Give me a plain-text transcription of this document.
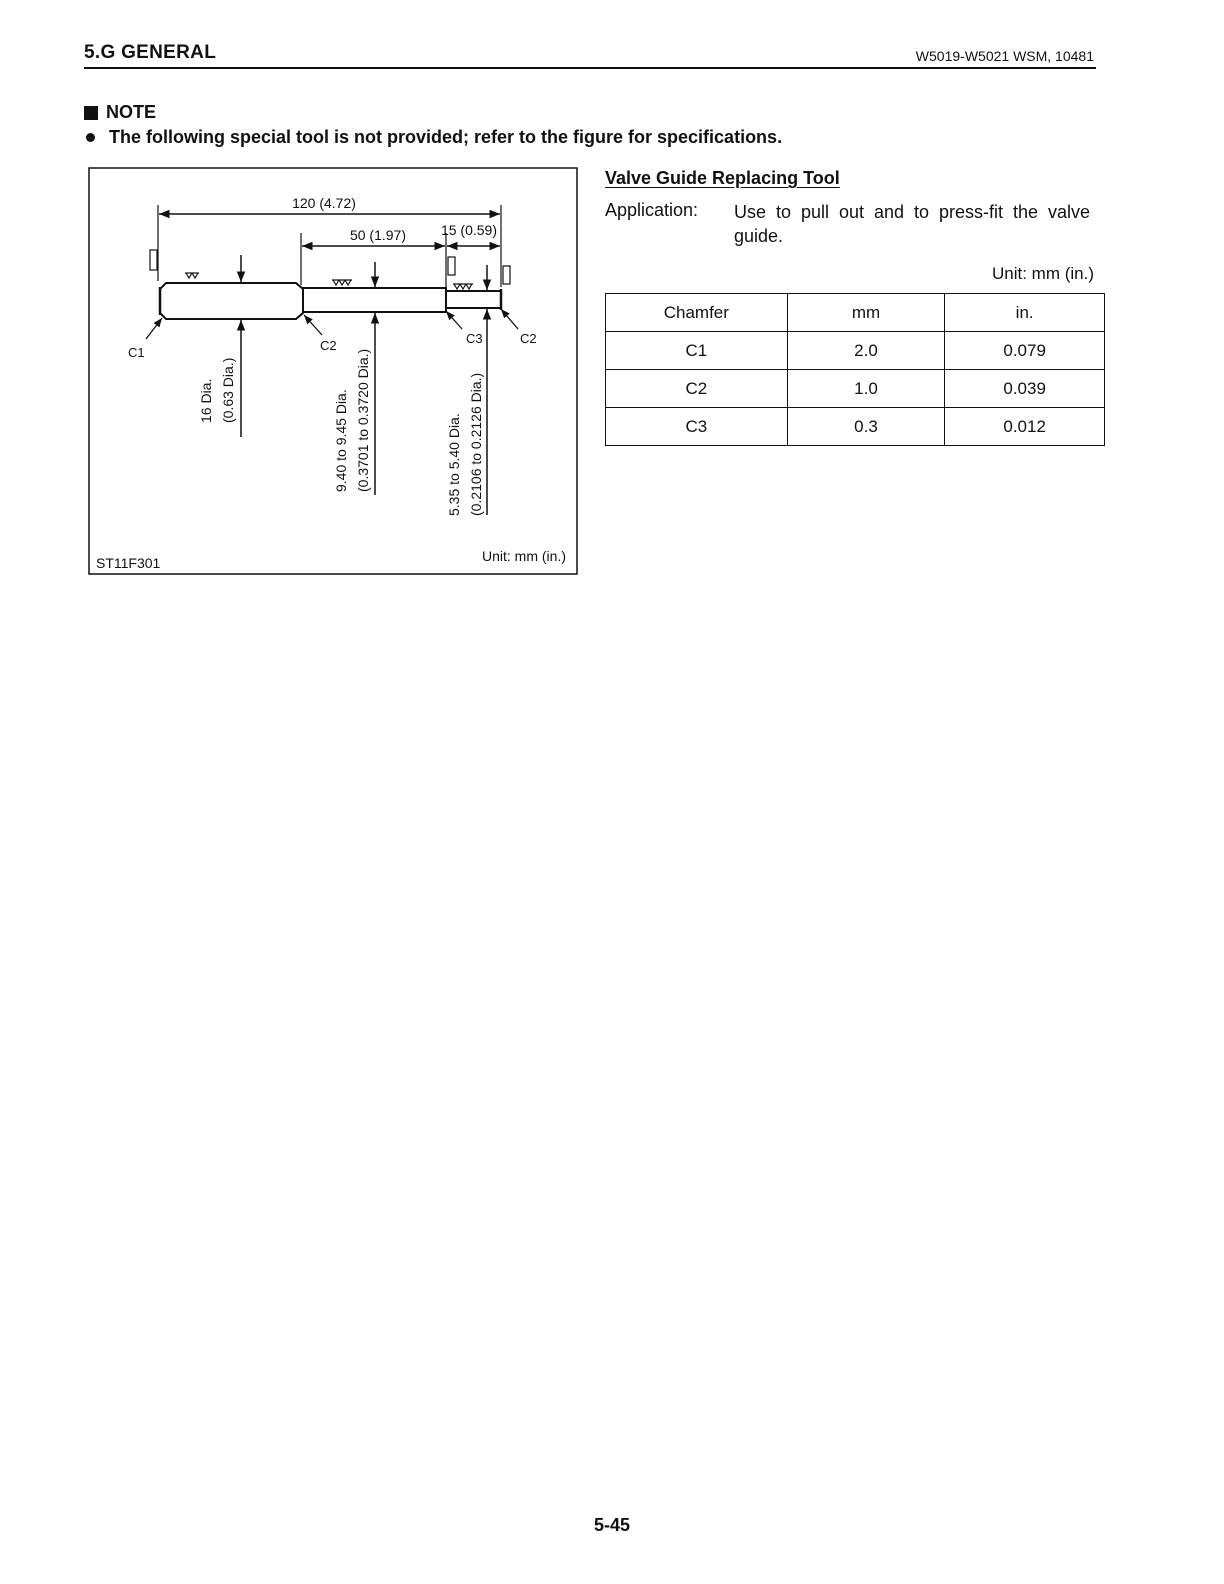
5.G GENERAL	W5019-W5021 WSM, 10481
NOTE
The following special tool is not provided; refer to the figure for specifications.
120 (4.72)
50 (1.97) 15 (0.59)
16 Dia. (0.63 Dia.)	9.40 to 9.45 Dia. (0.3701 to 0.3720 Dia.)	5.35 to 5.40 Dia. (0.2106 to 0.2126 Dia.)
C1	C2	C3	C2
ST11F301	Unit: mm (in.)
Valve Guide Replacing Tool
Application: Use to pull out and to press-fit the valve guide.
Unit: mm (in.)
Chamfer	mm	in.
C1	2.0	0.079
C2	1.0	0.039
C3	0.3	0.012
5-45
